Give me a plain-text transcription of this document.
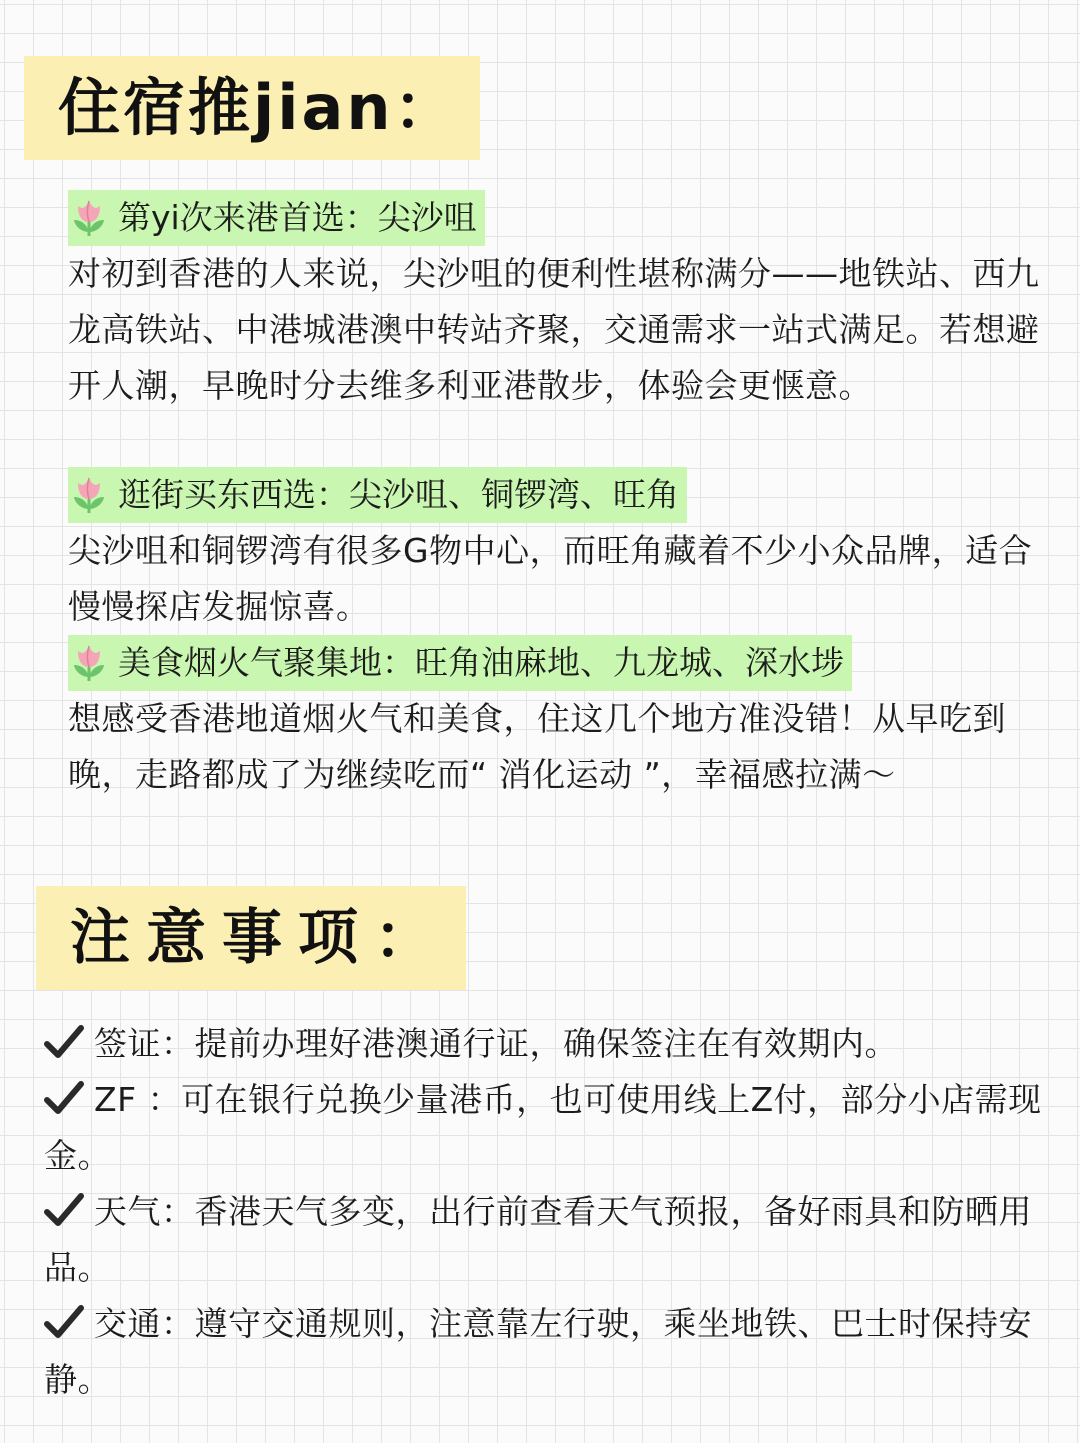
住宿推jian：
第yi次来港首选：尖沙咀

对初到香港的人来说，尖沙咀的便利性堪称满分——地铁站、西九龙高铁站、中港城港澳中转站齐聚，交通需求一站式满足。若想避开人潮，早晚时分去维多利亚港散步，体验会更惬意。

逛街买东西选：尖沙咀、铜锣湾、旺角

尖沙咀和铜锣湾有很多G物中心，而旺角藏着不少小众品牌，适合慢慢探店发掘惊喜。

美食烟火气聚集地：旺角油麻地、九龙城、深水埗

想感受香港地道烟火气和美食，住这几个地方准没错！从早吃到晚，走路都成了为继续吃而“ 消化运动 ”，幸福感拉满～

注意事项：

签证：提前办理好港澳通行证，确保签注在有效期内。

ZF ：可在银行兑换少量港币，也可使用线上Z付，部分小店需现金。

天气：香港天气多变，出行前查看天气预报，备好雨具和防晒用品。

交通：遵守交通规则，注意靠左行驶，乘坐地铁、巴士时保持安静。
